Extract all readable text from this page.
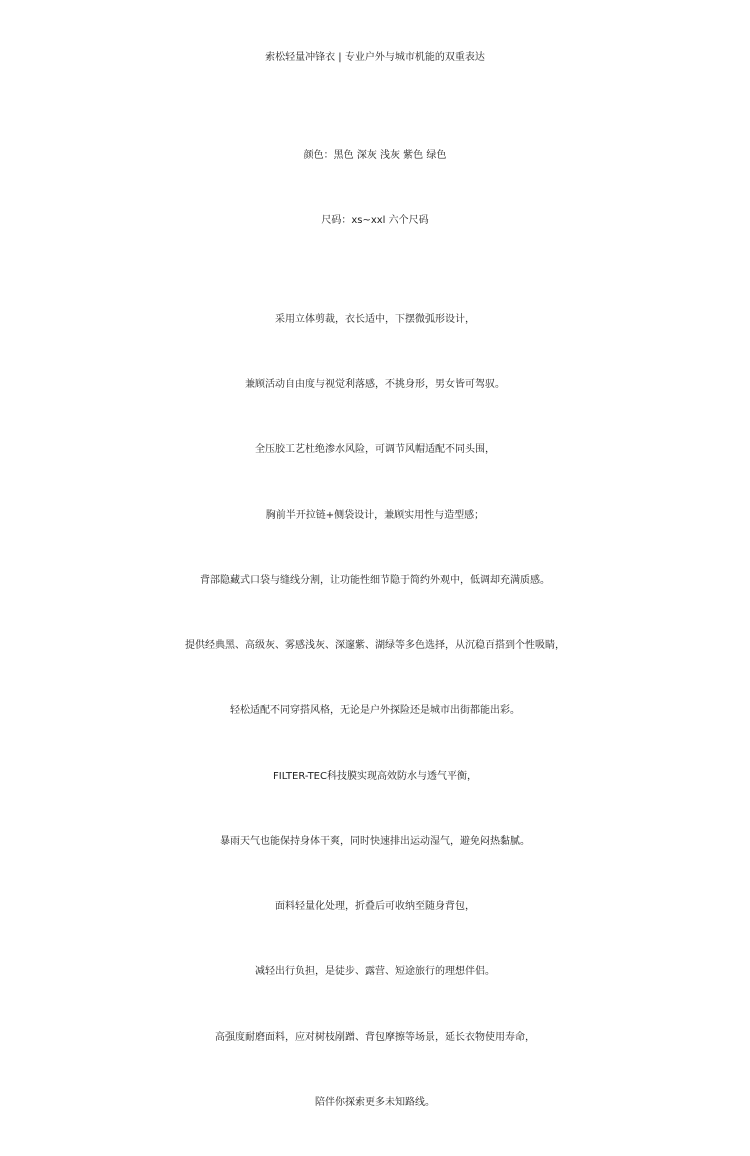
索松轻量冲锋衣 | 专业户外与城市机能的双重表达
颜色：黑色 深灰 浅灰 紫色 绿色
尺码：xs~xxl 六个尺码
采用立体剪裁，衣长适中，下摆微弧形设计，
兼顾活动自由度与视觉利落感，不挑身形，男女皆可驾驭。
全压胶工艺杜绝渗水风险，可调节风帽适配不同头围，
胸前半开拉链+侧袋设计，兼顾实用性与造型感；
背部隐藏式口袋与缝线分割，让功能性细节隐于简约外观中，低调却充满质感。
提供经典黑、高级灰、雾感浅灰、深邃紫、湖绿等多色选择，从沉稳百搭到个性吸睛，
轻松适配不同穿搭风格，无论是户外探险还是城市出街都能出彩。
FILTER-TEC科技膜实现高效防水与透气平衡，
暴雨天气也能保持身体干爽，同时快速排出运动湿气，避免闷热黏腻。
面料轻量化处理，折叠后可收纳至随身背包，
减轻出行负担，是徒步、露营、短途旅行的理想伴侣。
高强度耐磨面料，应对树枝剐蹭、背包摩擦等场景，延长衣物使用寿命，
陪伴你探索更多未知路线。
